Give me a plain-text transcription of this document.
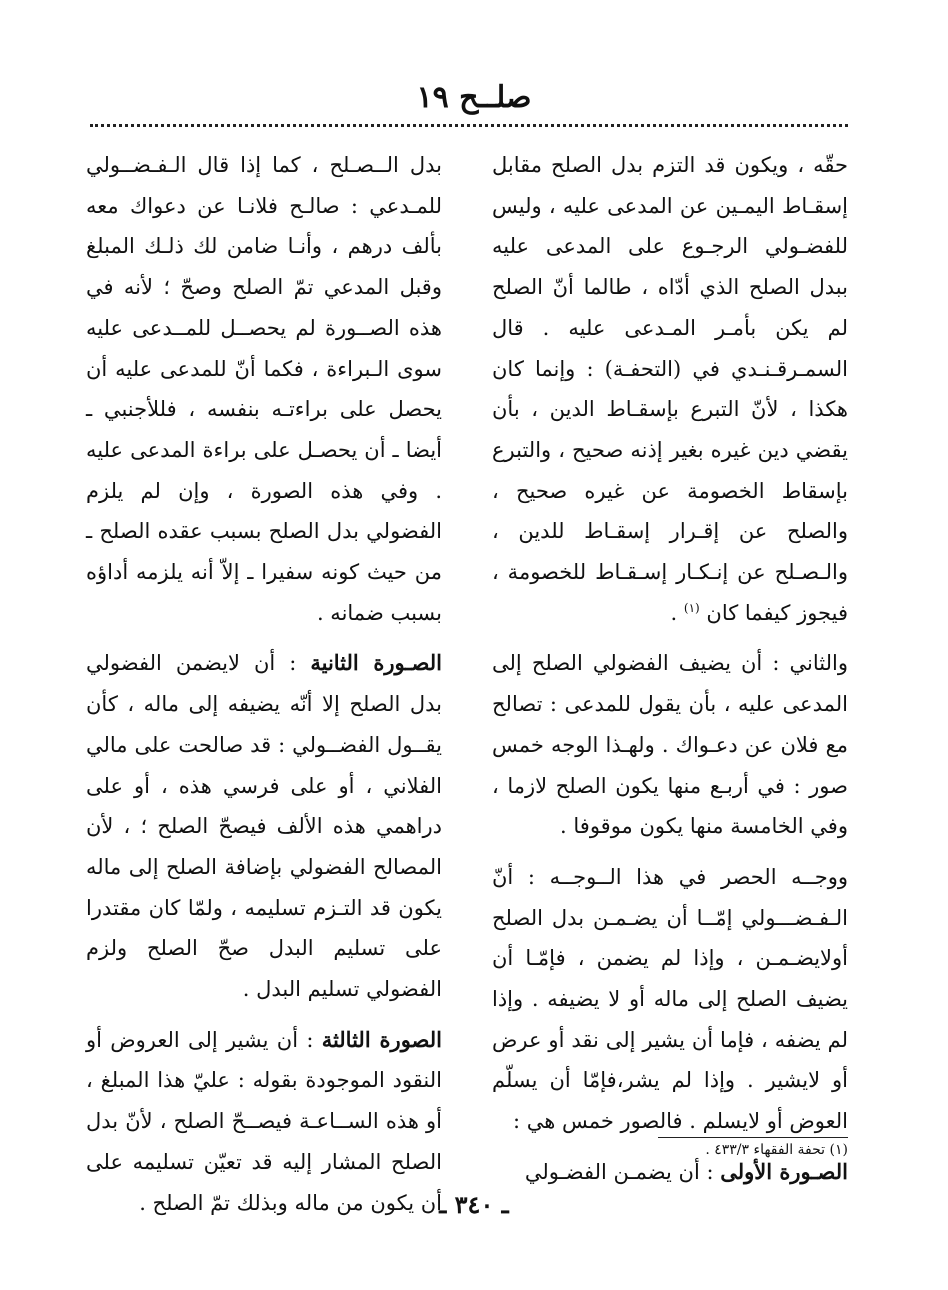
صلــح ١٩

حقّه ، ويكون قد التزم بدل الصلح مقابل إسقـاط اليمـين عن المدعى عليه ، وليس للفضـولي الرجـوع على المدعى عليه ببدل الصلح الذي أدّاه ، طالما أنّ الصلح لم يكن بأمـر المـدعى عليه . قال السمـرقـنـدي في (التحفـة) : وإنما كان هكذا ، لأنّ التبرع بإسقـاط الدين ، بأن يقضي دين غيره بغير إذنه صحيح ، والتبرع بإسقاط الخصومة عن غيره صحيح ، والصلح عن إقـرار إسقـاط للدين ، والـصـلح عن إنـكـار إسـقـاط للخصومة ، فيجوز كيفما كان $^{(١)}$ .

والثاني : أن يضيف الفضولي الصلح إلى المدعى عليه ، بأن يقول للمدعى : تصالح مع فلان عن دعـواك . ولهـذا الوجه خمس صور : في أربـع منها يكون الصلح لازما ، وفي الخامسة منها يكون موقوفا .

ووجــه الحصر في هذا الــوجــه : أنّ الـفـضـــولي إمّــا أن يضـمـن بدل الصلح أولايضـمـن ، وإذا لم يضمن ، فإمّـا أن يضيف الصلح إلى ماله أو لا يضيفه . وإذا لم يضفه ، فإما أن يشير إلى نقد أو عرض أو لايشير . وإذا لم يشر،فإمّا أن يسلّم العوض أو لايسلم . فالصور خمس هي :

الصـورة الأولى : أن يضمـن الفضـولي

بدل الــصـلح ، كما إذا قال الـفـضــولي للمـدعي : صالـح فلانـا عن دعواك معه بألف درهم ، وأنـا ضامن لك ذلـك المبلغ وقبل المدعي تمّ الصلح وصحّ ؛ لأنه في هذه الصــورة لم يحصــل للمــدعى عليه سوى الـبراءة ، فكما أنّ للمدعى عليه أن يحصل على براءتـه بنفسه ، فللأجنبي ـ أيضا ـ أن يحصـل على براءة المدعى عليه . وفي هذه الصورة ، وإن لم يلزم الفضولي بدل الصلح بسبب عقده الصلح ـ من حيث كونه سفيرا ـ إلاّ أنه يلزمه أداؤه بسبب ضمانه .

الصـورة الثانية : أن لايضمن الفضولي بدل الصلح إلا أنّه يضيفه إلى ماله ، كأن يقــول الفضــولي : قد صالحت على مالي الفلاني ، أو على فرسي هذه ، أو على دراهمي هذه الألف فيصحّ الصلح ؛ ، لأن المصالح الفضولي بإضافة الصلح إلى ماله يكون قد التـزم تسليمه ، ولمّا كان مقتدرا على تسليم البدل صحّ الصلح ولزم الفضولي تسليم البدل .

الصورة الثالثة : أن يشير إلى العروض أو النقود الموجودة بقوله : عليّ هذا المبلغ ، أو هذه الســاعـة فيصــحّ الصلح ، لأنّ بدل الصلح المشار إليه قد تعيّن تسليمه على أن يكون من ماله وبذلك تمّ الصلح .

(١) تحفة الفقهاء ٤٣٣/٣ .
ـ ٣٤٠ ـ
